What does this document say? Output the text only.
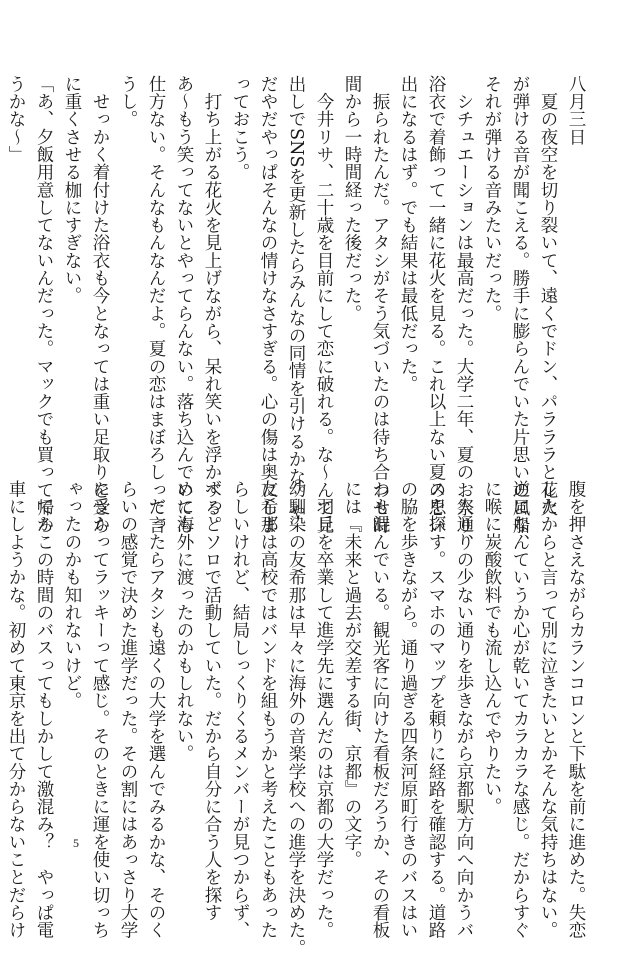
八月三日

　夏の夜空を切り裂いて、遠くでドン、パラララと花火

が弾ける音が聞こえる。勝手に膨らんでいた片思いの風船、

それが弾ける音みたいだった。

　シチュエーションは最高だった。大学二年、夏のお祭り、

浴衣で着飾って一緒に花火を見る。これ以上ない夏の思い

出になるはず。でも結果は最低だった。

　振られたんだ。アタシがそう気づいたのは待ち合わせ時

間から一時間経った後だった。

　今井リサ、二十歳を目前にして恋に破れる。な〜んて見

出しでSNSを更新したらみんなの同情を引けるかな。や

だやだやっぱそんなの情けなさすぎる。心の傷は奥にしま

っておこう。

　打ち上がる花火を見上げながら、呆れ笑いを浮かべる。

あ〜もう笑ってないとやってらんない。落ち込んでいても

仕方ない。そんなもんなんだよ。夏の恋はまぼろしって言

うし。

　せっかく着付けた浴衣も今となっては重い足取りをさら

に重くさせる枷にすぎない。

「あ、夕飯用意してないんだった。マックでも買って帰ろ

うかな〜」

腹を押さえながらカランコロンと下駄を前に進めた。失恋

したからと言って別に泣きたいとかそんな気持ちはない。

逆になんていうか心が乾いてカラカラな感じ。だからすぐ

に喉に炭酸飲料でも流し込んでやりたい。

　人通りの少ない通りを歩きながら京都駅方向へ向かうバ

スを探す。スマホのマップを頼りに経路を確認する。道路

の脇を歩きながら。通り過ぎる四条河原町行きのバスはい

つも混んでいる。観光客に向けた看板だろうか、その看板

には『未来と過去が交差する街、京都』の文字。

　羽丘を卒業して進学先に選んだのは京都の大学だった。

幼馴染の友希那は早々に海外の音楽学校への進学を決めた。

友希那は高校ではバンドを組もうかと考えたこともあった

らしいけれど、結局しっくりくるメンバーが見つからず、

ずっとソロで活動していた。だから自分に合う人を探す

めに海外に渡ったのかもしれない。

　だったらアタシも遠くの大学を選んでみるかな、そのく

らいの感覚で決めた進学だった。その割にはあっさり大学

に受かってラッキーって感じ。そのときに運を使い切っち

ゃったのかも知れないけど。

　てかこの時間のバスってもしかして激混み？　やっぱ電

車にしようかな。初めて東京を出て分からないことだらけ	5
